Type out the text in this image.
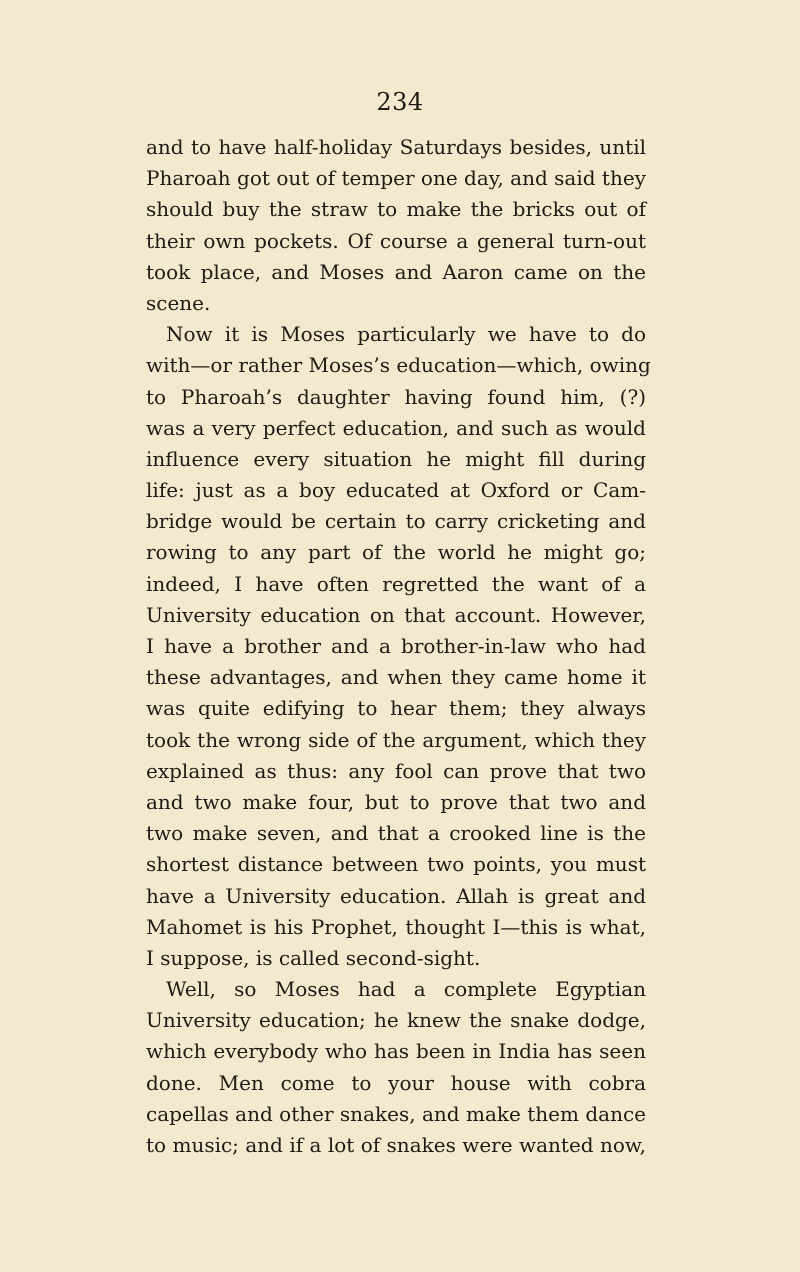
234
and to have half-holiday Saturdays besides, until
Pharoah got out of temper one day, and said they
should buy the straw to make the bricks out of
their own pockets. Of course a general turn-out
took place, and Moses and Aaron came on the
scene.
Now it is Moses particularly we have to do
with—or rather Moses’s education—which, owing
to Pharoah’s daughter having found him, (?)
was a very perfect education, and such as would
influence every situation he might fill during
life: just as a boy educated at Oxford or Cam-
bridge would be certain to carry cricketing and
rowing to any part of the world he might go;
indeed, I have often regretted the want of a
University education on that account. However,
I have a brother and a brother-in-law who had
these advantages, and when they came home it
was quite edifying to hear them; they always
took the wrong side of the argument, which they
explained as thus: any fool can prove that two
and two make four, but to prove that two and
two make seven, and that a crooked line is the
shortest distance between two points, you must
have a University education. Allah is great and
Mahomet is his Prophet, thought I—this is what,
I suppose, is called second-sight.
Well, so Moses had a complete Egyptian
University education; he knew the snake dodge,
which everybody who has been in India has seen
done. Men come to your house with cobra
capellas and other snakes, and make them dance
to music; and if a lot of snakes were wanted now,
